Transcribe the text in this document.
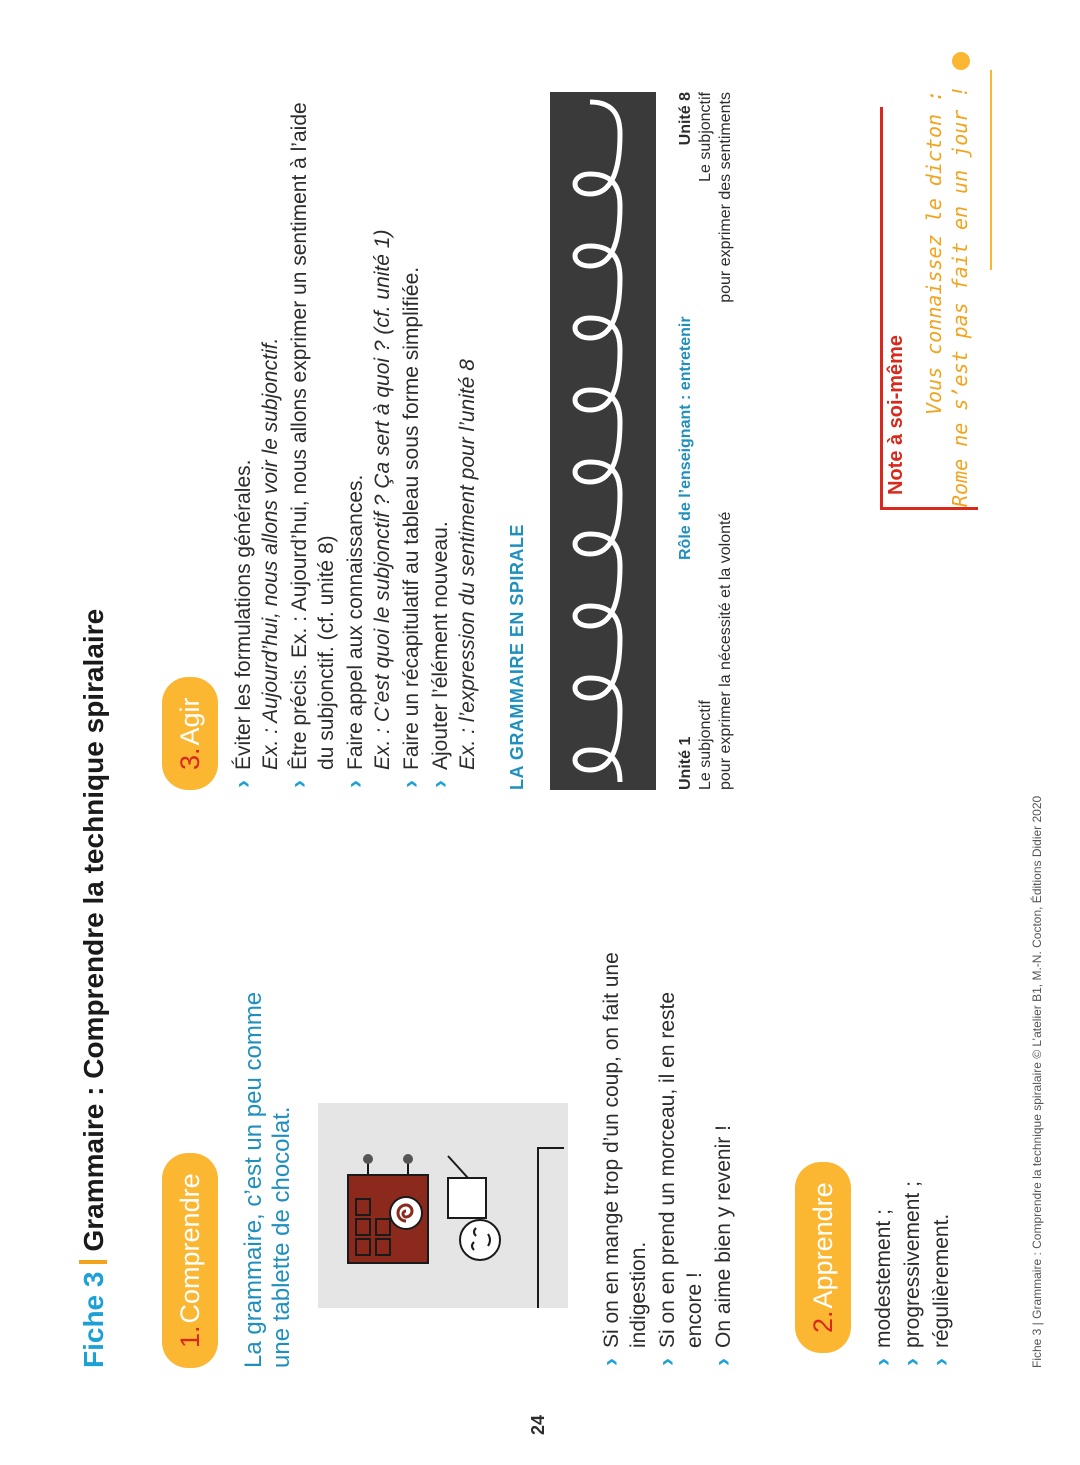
24
Fiche 3Grammaire : Comprendre la technique spiralaire
1.
Comprendre La grammaire, c’est un peu comme une tablette de chocolat.	› Si on en mange trop d’un coup, on fait une indigestion. › Si on en prend un morceau, il en reste encore ! › On aime bien y revenir !	2.
Apprendre › modestement ; › progressivement ; › régulièrement.
3.
Agir › Éviter les formulations générales. Ex. : Aujourd’hui, nous allons voir le subjonctif. › Être précis. Ex. : Aujourd’hui, nous allons exprimer un sentiment à l’aide du subjonctif. (cf. unité 8) › Faire appel aux connaissances. Ex. : C’est quoi le subjonctif ? Ça sert à quoi ? (cf. unité 1) › Faire un récapitulatif au tableau sous forme simplifiée. › Ajouter l’élément nouveau. Ex. : l’expression du sentiment pour l’unité 8 LA GRAMMAIRE EN SPIRALE	Unité 1 Le subjonctif pour exprimer la nécessité et la volonté
Rôle de l’enseignant : entretenir
Unité 8 Le subjonctif pour exprimer des sentiments
Note à soi-même Vous connaissez le dicton : Rome ne s’est pas fait en un jour !
Fiche 3 | Grammaire : Comprendre la technique spiralaire © L’atelier B1, M.-N. Cocton, Éditions Didier 2020
